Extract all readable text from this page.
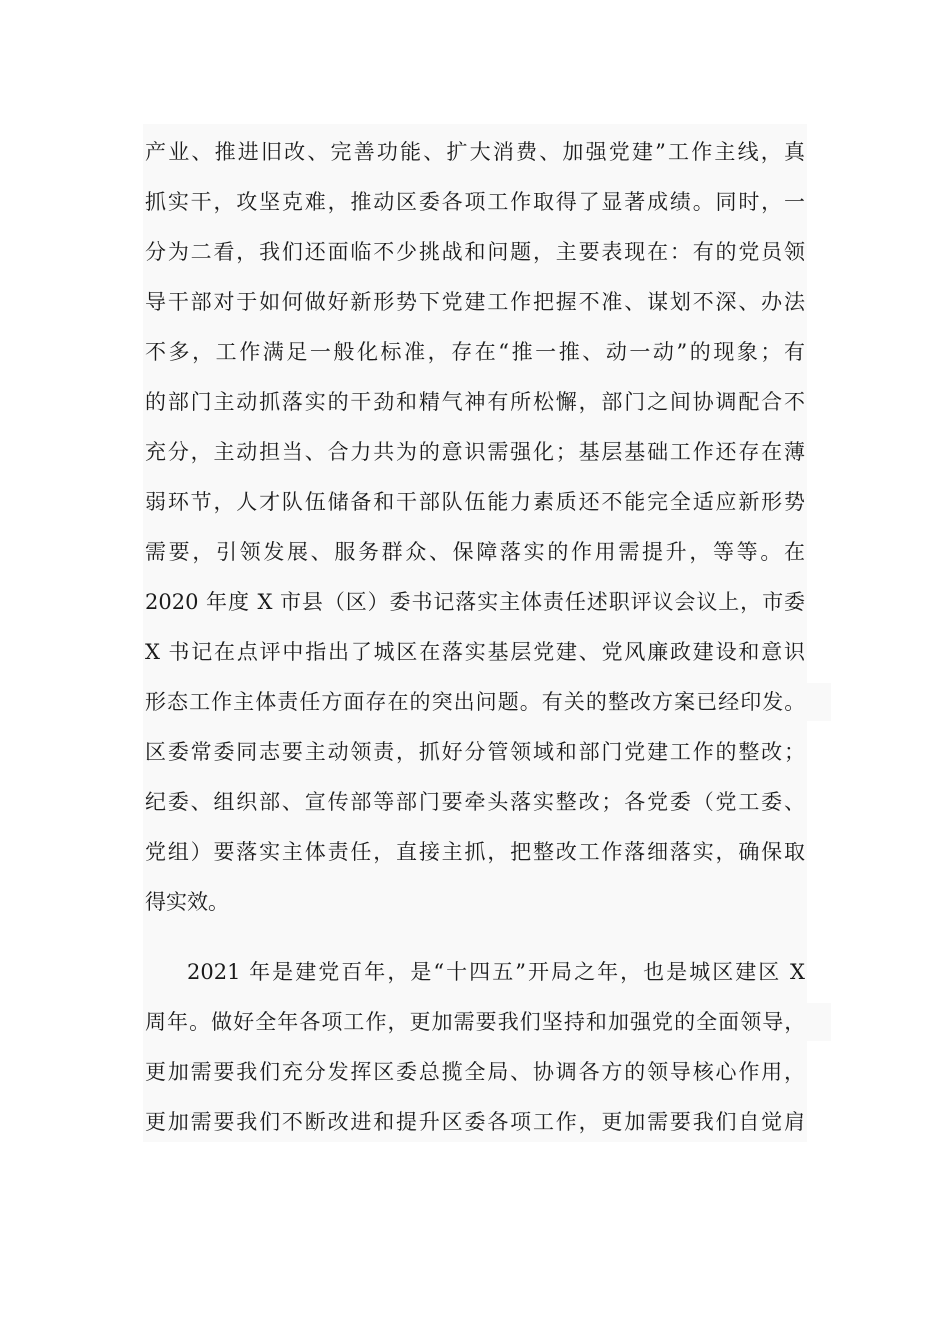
产业、推进旧改、完善功能、扩大消费、加强党建”工作主线，真
抓实干，攻坚克难，推动区委各项工作取得了显著成绩。同时，一
分为二看，我们还面临不少挑战和问题，主要表现在：有的党员领
导干部对于如何做好新形势下党建工作把握不准、谋划不深、办法
不多，工作满足一般化标准，存在“推一推、动一动”的现象；有
的部门主动抓落实的干劲和精气神有所松懈，部门之间协调配合不
充分，主动担当、合力共为的意识需强化；基层基础工作还存在薄
弱环节，人才队伍储备和干部队伍能力素质还不能完全适应新形势
需要，引领发展、服务群众、保障落实的作用需提升，等等。在
2020 年度 X 市县（区）委书记落实主体责任述职评议会议上，市委
X 书记在点评中指出了城区在落实基层党建、党风廉政建设和意识
形态工作主体责任方面存在的突出问题。有关的整改方案已经印发。
区委常委同志要主动领责，抓好分管领域和部门党建工作的整改；
纪委、组织部、宣传部等部门要牵头落实整改；各党委（党工委、
党组）要落实主体责任，直接主抓，把整改工作落细落实，确保取
得实效。
2021 年是建党百年，是“十四五”开局之年，也是城区建区 X
周年。做好全年各项工作，更加需要我们坚持和加强党的全面领导，
更加需要我们充分发挥区委总揽全局、协调各方的领导核心作用，
更加需要我们不断改进和提升区委各项工作，更加需要我们自觉肩
